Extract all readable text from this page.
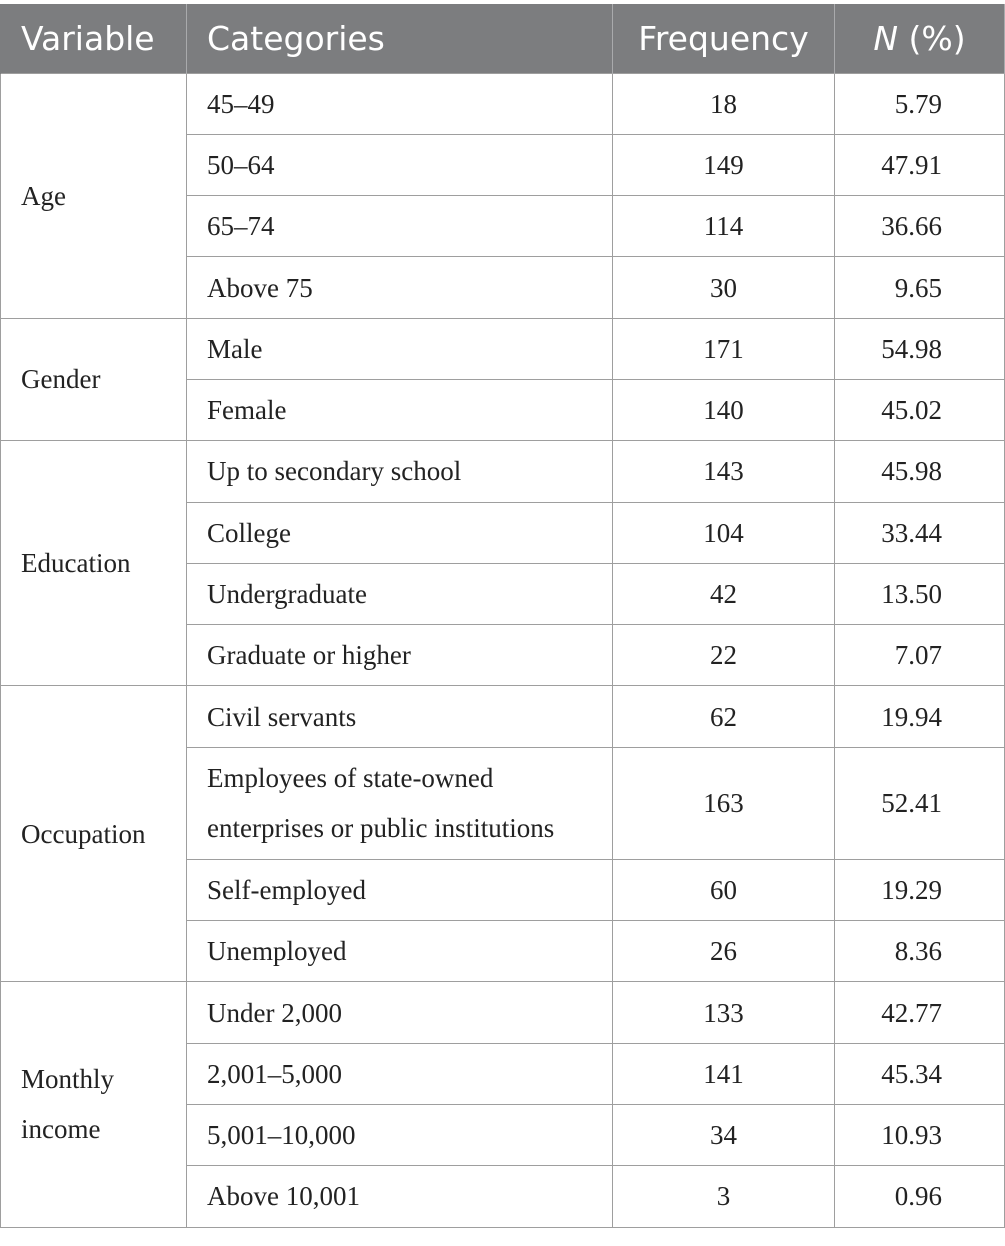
Variable	Categories	Frequency	N (%)
Age	45–49	18	5.79
	50–64	149	47.91
	65–74	114	36.66
	Above 75	30	9.65
Gender	Male	171	54.98
	Female	140	45.02
Education	Up to secondary school	143	45.98
	College	104	33.44
	Undergraduate	42	13.50
	Graduate or higher	22	7.07
Occupation	Civil servants	62	19.94
	Employees of state-owned enterprises or public institutions	163	52.41
	Self-employed	60	19.29
	Unemployed	26	8.36
Monthly income	Under 2,000	133	42.77
	2,001–5,000	141	45.34
	5,001–10,000	34	10.93
	Above 10,001	3	0.96
